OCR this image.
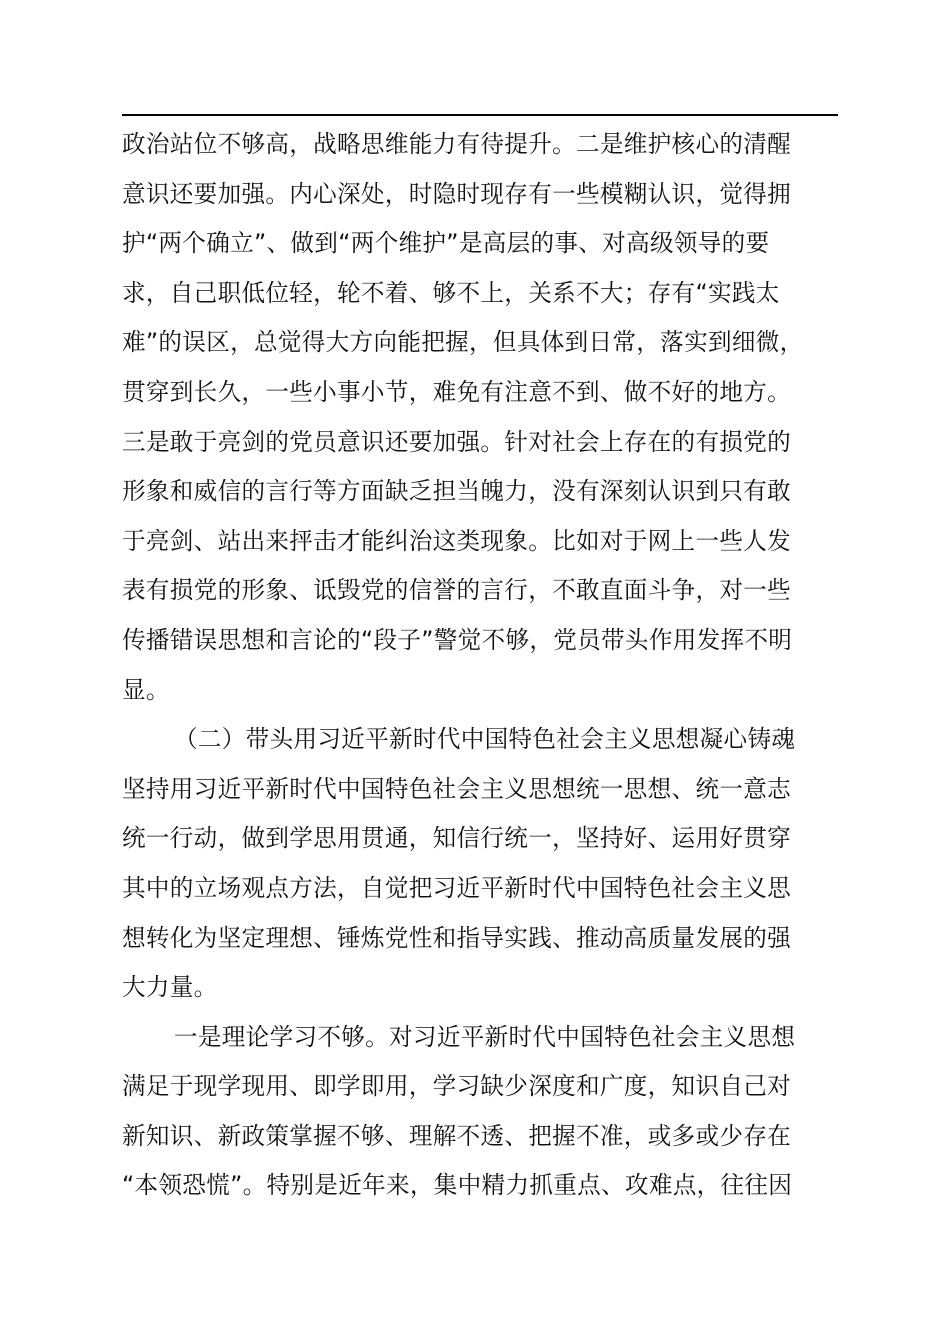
政治站位不够高，战略思维能力有待提升。二是维护核心的清醒

意识还要加强。内心深处，时隐时现存有一些模糊认识，觉得拥

护“两个确立”、做到“两个维护”是高层的事、对高级领导的要

求，自己职低位轻，轮不着、够不上，关系不大；存有“实践太

难”的误区，总觉得大方向能把握，但具体到日常，落实到细微，

贯穿到长久，一些小事小节，难免有注意不到、做不好的地方。

三是敢于亮剑的党员意识还要加强。针对社会上存在的有损党的

形象和威信的言行等方面缺乏担当魄力，没有深刻认识到只有敢

于亮剑、站出来抨击才能纠治这类现象。比如对于网上一些人发

表有损党的形象、诋毁党的信誉的言行，不敢直面斗争，对一些

传播错误思想和言论的“段子”警觉不够，党员带头作用发挥不明

显。

（二）带头用习近平新时代中国特色社会主义思想凝心铸魂

坚持用习近平新时代中国特色社会主义思想统一思想、统一意志

统一行动，做到学思用贯通，知信行统一，坚持好、运用好贯穿

其中的立场观点方法，自觉把习近平新时代中国特色社会主义思

想转化为坚定理想、锤炼党性和指导实践、推动高质量发展的强

大力量。

一是理论学习不够。对习近平新时代中国特色社会主义思想

满足于现学现用、即学即用，学习缺少深度和广度，知识自己对

新知识、新政策掌握不够、理解不透、把握不准，或多或少存在

“本领恐慌”。特别是近年来，集中精力抓重点、攻难点，往往因
